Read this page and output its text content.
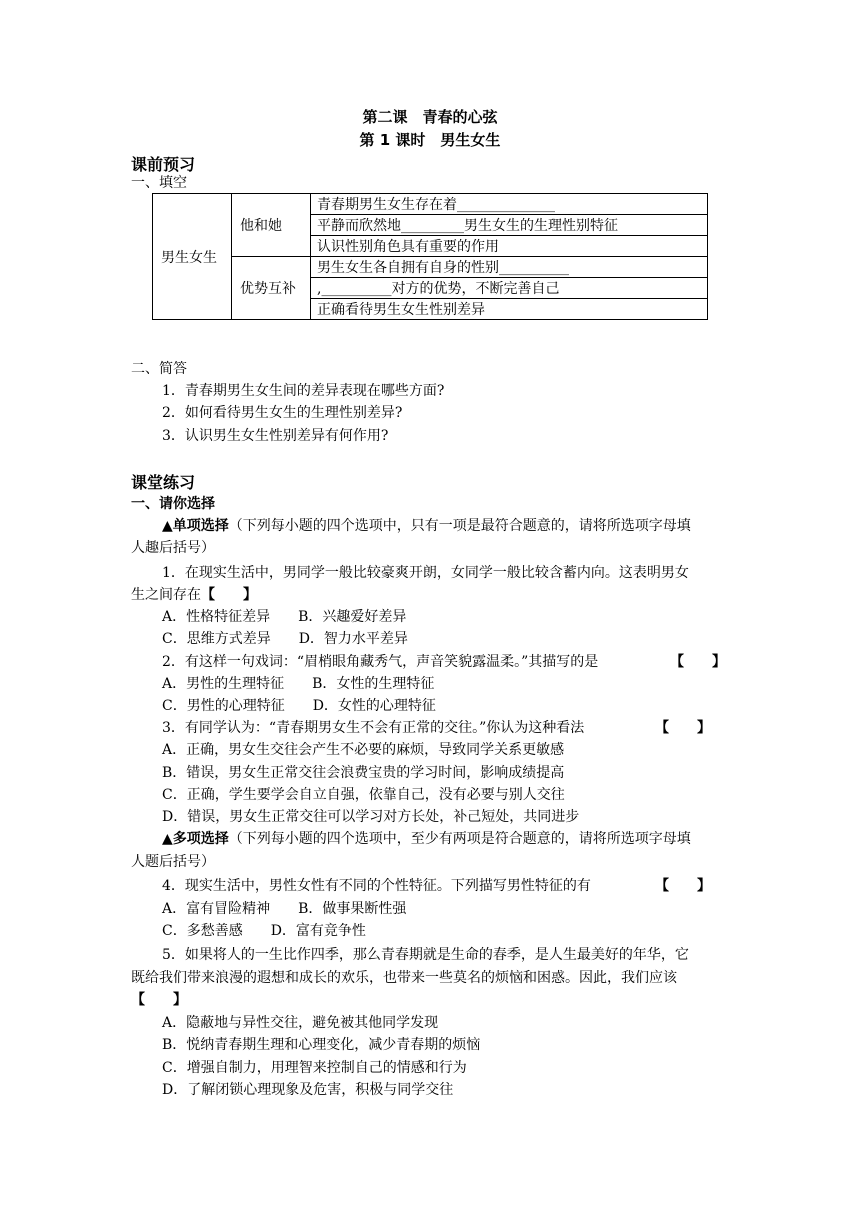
第二课　青春的心弦
第 1 课时　男生女生
课前预习
一、填空
男生女生	他和她	青春期男生女生存在着______________
		平静而欣然地_________男生女生的生理性别特征
		认识性别角色具有重要的作用
	优势互补	男生女生各自拥有自身的性别__________
		,__________对方的优势，不断完善自己
		正确看待男生女生性别差异
二、简答
1．青春期男生女生间的差异表现在哪些方面?
2．如何看待男生女生的生理性别差异?
3．认识男生女生性别差异有何作用?
课堂练习
一、请你选择
▲单项选择（下列每小题的四个选项中，只有一项是最符合题意的，请将所选项字母填
人趣后括号）
1．在现实生活中，男同学一般比较豪爽开朗，女同学一般比较含蓄内向。这表明男女
生之间存在【　　】
A．性格特征差异　　B．兴趣爱好差异
C．思维方式差异　　D．智力水平差异
2．有这样一句戏词：“眉梢眼角藏秀气，声音笑貌露温柔。”其描写的是	【　　】
A．男性的生理特征　　B．女性的生理特征
C．男性的心理特征　　D．女性的心理特征
3．有同学认为：“青春期男女生不会有正常的交往。”你认为这种看法	【　　】
A．正确，男女生交往会产生不必要的麻烦，导致同学关系更敏感
B．错误，男女生正常交往会浪费宝贵的学习时间，影响成绩提高
C．正确，学生要学会自立自强，依靠自己，没有必要与别人交往
D．错误，男女生正常交往可以学习对方长处，补己短处，共同进步
▲多项选择（下列每小题的四个选项中，至少有两项是符合题意的，请将所选项字母填
人题后括号）
4．现实生活中，男性女性有不同的个性特征。下列描写男性特征的有	【　　】
A．富有冒险精神　　B．做事果断性强
C．多愁善感　　D．富有竞争性
5．如果将人的一生比作四季，那么青春期就是生命的春季，是人生最美好的年华，它
既给我们带来浪漫的遐想和成长的欢乐，也带来一些莫名的烦恼和困惑。因此，我们应该
【　　】
A．隐蔽地与异性交往，避免被其他同学发现
B．悦纳青春期生理和心理变化，减少青春期的烦恼
C．增强自制力，用理智来控制自己的情感和行为
D．了解闭锁心理现象及危害，积极与同学交往
